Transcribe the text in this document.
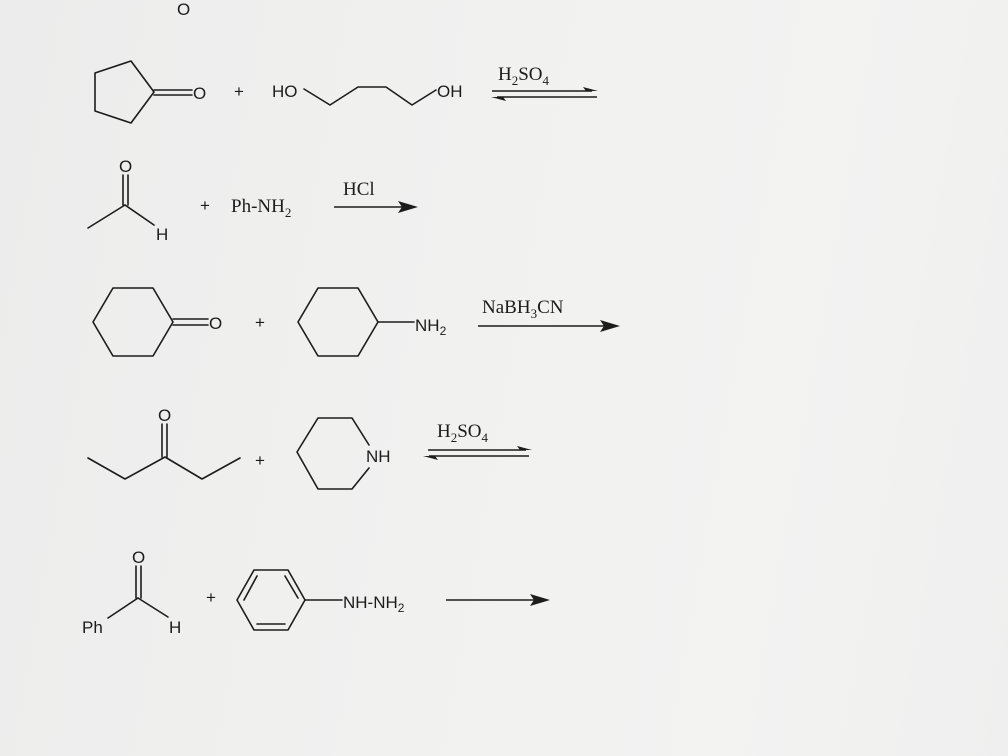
O
O + HO	OH
$H_2SO_4$
O
H
+ $Ph-NH_2$
HCl
O +	$NH_2$
NaBH$_3$CN
O
+	NH
$H_2SO_4$
O
Ph	H
+	$NH-NH_2$
